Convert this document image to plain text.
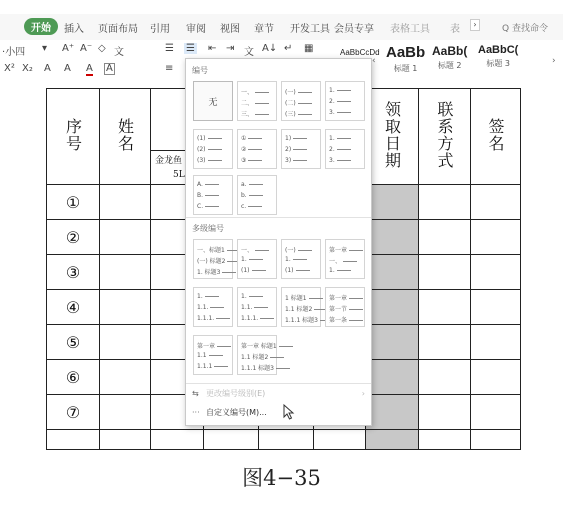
开始	插入 页面布局 引用 审阅 视图 章节 开发工具 会员专享 表格工具 表	›	Q 查找命令
·小四 ▾ A⁺ A⁻ ◇ 文	☰ ☰ ⇤ ⇥ 文 A↓ ↵ ▦	AaBbCcDd AaBb
标题 1
AaBb(
标题 2
AaBbC(
标题 3
‹	›
X² X₂ A A A A	≡
序号	姓名					领取日期	联系方式	签名

		金龙鱼
5L						

①								
②								
③								
④								
⑤								
⑥								
⑦								

编号
多级编号
⇆ 更改编号级别(E)	›
··· 自定义编号(M)...
无
一、
二、
三、
(一)
(二)
(三)
1.
2.
3.
(1)
(2)
(3)
①
②
③
1)
2)
3)
1.
2.
3.
A.
B.
C.
a.
b.
c.
一、标题1
(一) 标题2
1. 标题3
一、
1.
(1)
(一)
1.
(1)
第一章
一、
1.
1.
1.1.
1.1.1.
1.
1.1.
1.1.1.
1 标题1
1.1 标题2
1.1.1 标题3
第一章
第一节
第一条
第一章
1.1
1.1.1
第一章 标题1
1.1 标题2
1.1.1 标题3
图4−35
